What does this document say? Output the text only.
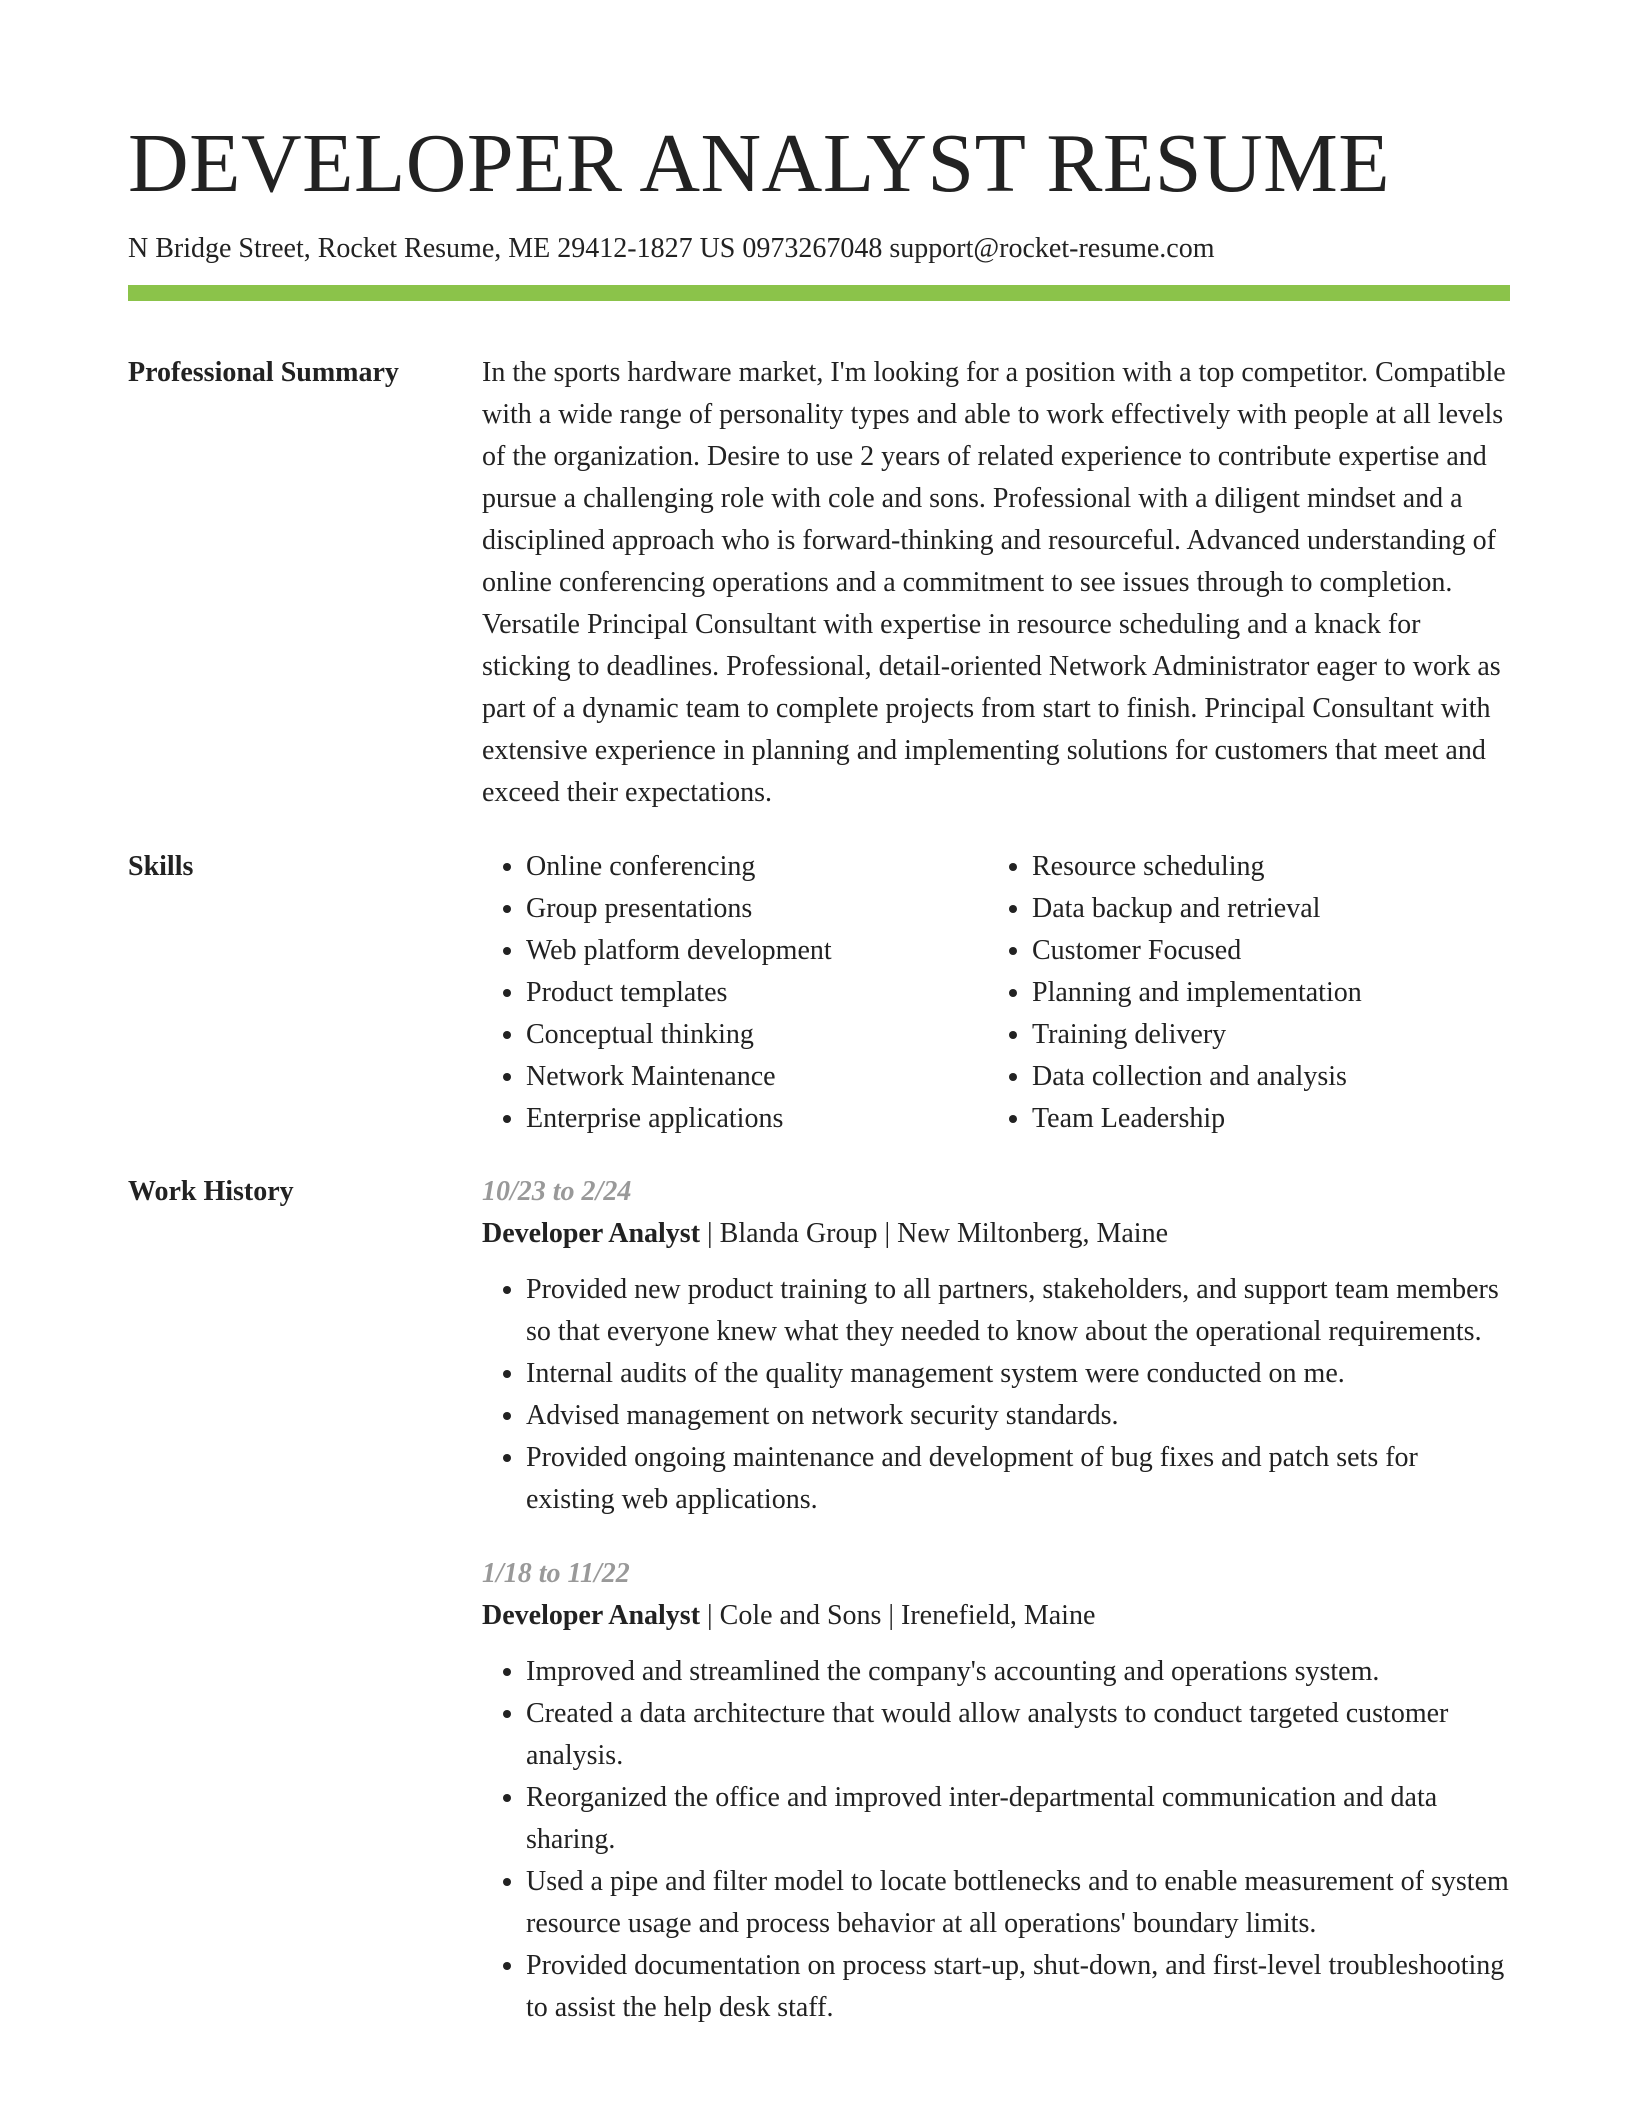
DEVELOPER ANALYST RESUME
N Bridge Street, Rocket Resume, ME 29412-1827 US 0973267048 support@rocket-resume.com
Professional Summary	In the sports hardware market, I'm looking for a position with a top competitor. Compatible with a wide range of personality types and able to work effectively with people at all levels of the organization. Desire to use 2 years of related experience to contribute expertise and pursue a challenging role with cole and sons. Professional with a diligent mindset and a disciplined approach who is forward-thinking and resourceful. Advanced understanding of online conferencing operations and a commitment to see issues through to completion. Versatile Principal Consultant with expertise in resource scheduling and a knack for sticking to deadlines. Professional, detail-oriented Network Administrator eager to work as part of a dynamic team to complete projects from start to finish. Principal Consultant with extensive experience in planning and implementing solutions for customers that meet and exceed their expectations.
Skills	• Online conferencing
• Group presentations
• Web platform development
• Product templates
• Conceptual thinking
• Network Maintenance
• Enterprise applications
• Resource scheduling
• Data backup and retrieval
• Customer Focused
• Planning and implementation
• Training delivery
• Data collection and analysis
• Team Leadership
Work History	10/23 to 2/24
Developer Analyst | Blanda Group | New Miltonberg, Maine
• Provided new product training to all partners, stakeholders, and support team members so that everyone knew what they needed to know about the operational requirements.
• Internal audits of the quality management system were conducted on me.
• Advised management on network security standards.
• Provided ongoing maintenance and development of bug fixes and patch sets for existing web applications.
1/18 to 11/22
Developer Analyst | Cole and Sons | Irenefield, Maine
• Improved and streamlined the company's accounting and operations system.
• Created a data architecture that would allow analysts to conduct targeted customer analysis.
• Reorganized the office and improved inter-departmental communication and data sharing.
• Used a pipe and filter model to locate bottlenecks and to enable measurement of system resource usage and process behavior at all operations' boundary limits.
• Provided documentation on process start-up, shut-down, and first-level troubleshooting to assist the help desk staff.
